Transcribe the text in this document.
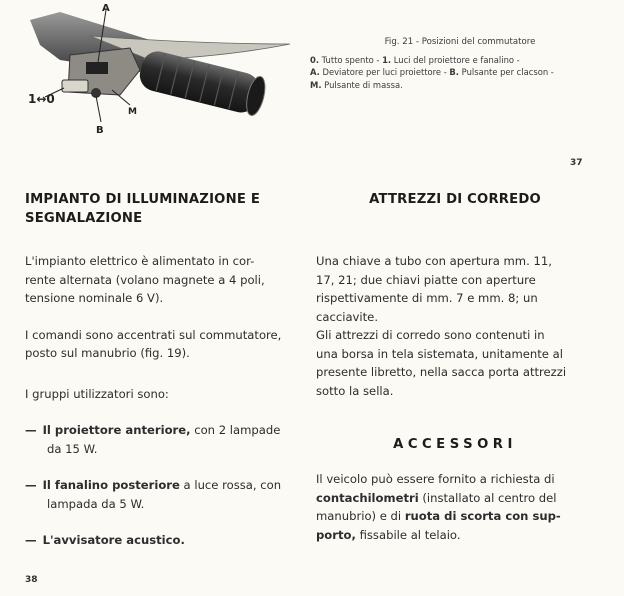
A
B
M
1↔0
Fig. 21 - Posizioni del commutatore
0. Tutto spento - 1. Luci del proiettore e fanalino -
A. Deviatore per luci proiettore - B. Pulsante per clacson -
M. Pulsante di massa.
37
38
IMPIANTO DI ILLUMINAZIONE E
SEGNALAZIONE

L'impianto elettrico è alimentato in cor-
rente alternata (volano magnete a 4 poli,
tensione nominale 6 V).

I comandi sono accentrati sul commutatore,
posto sul manubrio (fig. 19).

I gruppi utilizzatori sono:

— Il proiettore anteriore, con 2 lampade
da 15 W.
— Il fanalino posteriore a luce rossa, con
lampada da 5 W.
— L'avvisatore acustico.
ATTREZZI DI CORREDO

Una chiave a tubo con apertura mm. 11,
17, 21; due chiavi piatte con aperture
rispettivamente di mm. 7 e mm. 8; un
cacciavite.

Gli attrezzi di corredo sono contenuti in
una borsa in tela sistemata, unitamente al
presente libretto, nella sacca porta attrezzi
sotto la sella.

ACCESSORI

Il veicolo può essere fornito a richiesta di
contachilometri (installato al centro del
manubrio) e di ruota di scorta con sup-
porto, fissabile al telaio.
